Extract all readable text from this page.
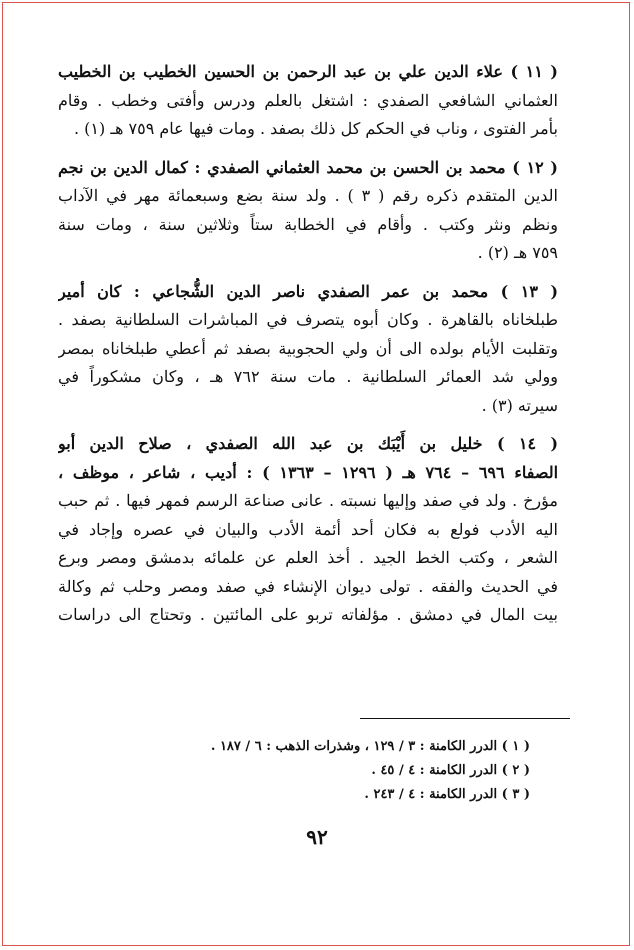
( ١١ ) علاء الدين علي بن عبد الرحمن بن الحسين الخطيب بن الخطيب
العثماني الشافعي الصفدي : اشتغل بالعلم ودرس وأفتى وخطب . وقام
بأمر الفتوى ، وناب في الحكم كل ذلك بصفد . ومات فيها عام ٧٥٩ هـ (١) .
( ١٢ ) محمد بن الحسن بن محمد العثماني الصفدي : كمال الدين بن نجم
الدين المتقدم ذكره رقم ( ٣ ) . ولد سنة بضع وسبعمائة مهر في الآداب
ونظم ونثر وكتب . وأقام في الخطابة ستاً وثلاثين سنة ، ومات سنة
٧٥٩ هـ (٢) .
( ١٣ ) محمد بن عمر الصفدي ناصر الدين الشُّجاعي : كان أمير
طبلخاناه بالقاهرة . وكان أبوه يتصرف في المباشرات السلطانية بصفد .
وتقلبت الأيام بولده الى أن ولي الحجوبية بصفد ثم أعطي طبلخاناه بمصر
وولي شد العمائر السلطانية . مات سنة ٧٦٢ هـ ، وكان مشكوراً في
سيرته (٣) .
( ١٤ ) خليل بن أَيْبَك بن عبد الله الصفدي ، صلاح الدين أبو
الصفاء ٦٩٦ – ٧٦٤ هـ ( ١٢٩٦ – ١٣٦٣ ) : أديب ، شاعر ، موظف ،
مؤرخ . ولد في صفد وإليها نسبته . عانى صناعة الرسم فمهر فيها . ثم حبب
اليه الأدب فولع به فكان أحد أئمة الأدب والبيان في عصره وإجاد في
الشعر ، وكتب الخط الجيد . أخذ العلم عن علمائه بدمشق ومصر وبرع
في الحديث والفقه . تولى ديوان الإنشاء في صفد ومصر وحلب ثم وكالة
بيت المال في دمشق . مؤلفاته تربو على المائتين . وتحتاج الى دراسات
( ١ ) الدرر الكامنة : ٣ / ١٢٩ ، وشذرات الذهب : ٦ / ١٨٧ .
( ٢ ) الدرر الكامنة : ٤ / ٤٥ .
( ٣ ) الدرر الكامنة : ٤ / ٢٤٣ .
٩٢
